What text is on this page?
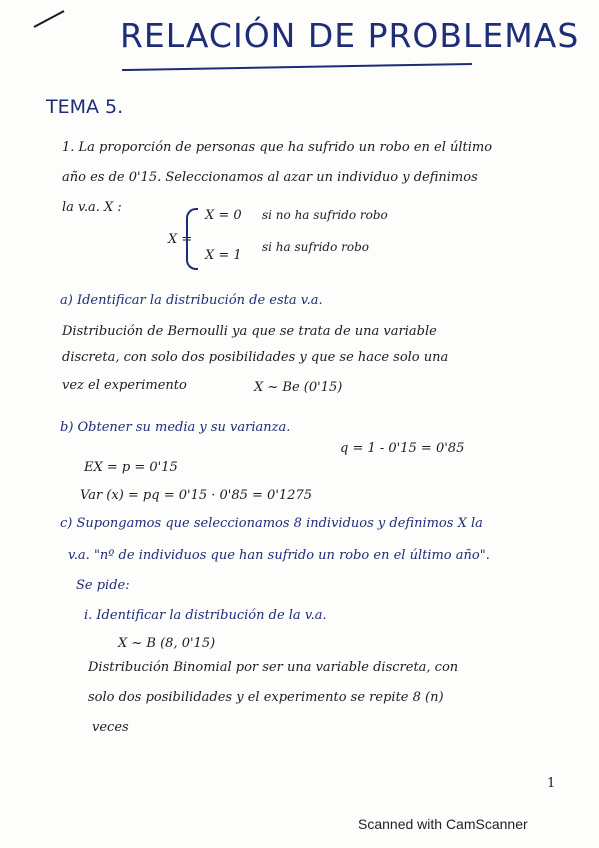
RELACIÓN DE PROBLEMAS
TEMA 5.
1. La proporción de personas que ha sufrido un robo en el último
año es de 0'15. Seleccionamos al azar un individuo y definimos
la v.a. X :
X =
X = 0 si no ha sufrido robo
X = 1
si ha sufrido robo
a) Identificar la distribución de esta v.a.
Distribución de Bernoulli ya que se trata de una variable
discreta, con solo dos posibilidades y que se hace solo una
vez el experimento	X ~ Be (0'15)
b) Obtener su media y su varianza.
q = 1 - 0'15 = 0'85
EX = p = 0'15
Var (x) = pq = 0'15 · 0'85 = 0'1275
c) Supongamos que seleccionamos 8 individuos y definimos X la
v.a. "nº de individuos que han sufrido un robo en el último año".
Se pide:
i. Identificar la distribución de la v.a.
X ~ B (8, 0'15)
Distribución Binomial por ser una variable discreta, con
solo dos posibilidades y el experimento se repite 8 (n)
veces
1
Scanned with CamScanner
